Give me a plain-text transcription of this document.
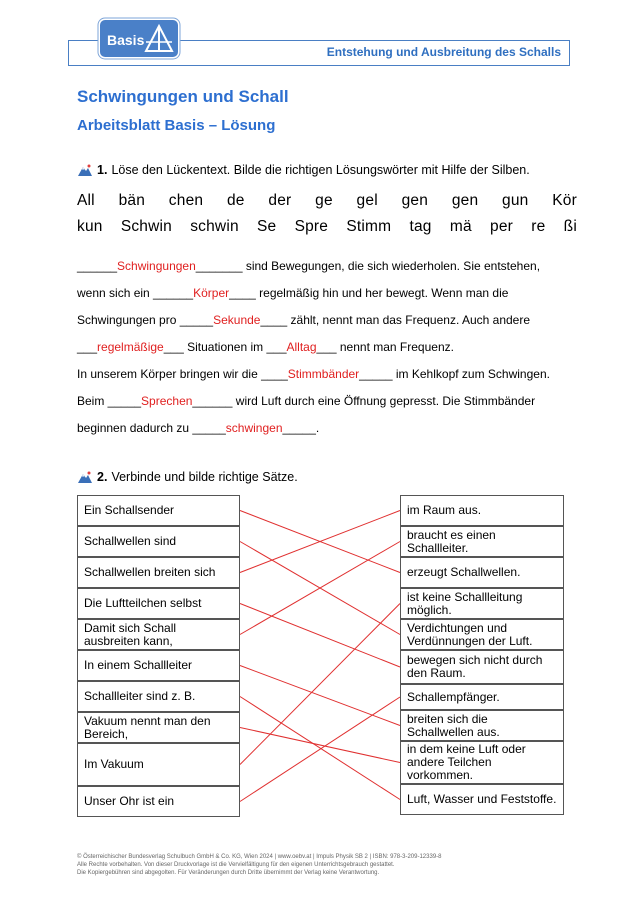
Entstehung und Ausbreitung des Schalls
Basis
Schwingungen und Schall
Arbeitsblatt Basis – Lösung
1. Löse den Lückentext. Bilde die richtigen Lösungswörter mit Hilfe der Silben.
All bän chen de der ge gel gen gen gun Kör
kun Schwin schwin Se Spre Stimm tag mä per re ßi
______Schwingungen_______ sind Bewegungen, die sich wiederholen. Sie entstehen,
wenn sich ein ______Körper____ regelmäßig hin und her bewegt. Wenn man die
Schwingungen pro _____Sekunde____ zählt, nennt man das Frequenz. Auch andere
___regelmäßige___ Situationen im ___Alltag___ nennt man Frequenz.
In unserem Körper bringen wir die ____Stimmbänder_____ im Kehlkopf zum Schwingen.
Beim _____Sprechen______ wird Luft durch eine Öffnung gepresst. Die Stimmbänder
beginnen dadurch zu _____schwingen_____.
2. Verbinde und bilde richtige Sätze.
Ein Schallsender
Schallwellen sind
Schallwellen breiten sich
Die Luftteilchen selbst
Damit sich Schall ausbreiten kann,
In einem Schallleiter
Schallleiter sind z. B.
Vakuum nennt man den Bereich,
Im Vakuum
Unser Ohr ist ein
im Raum aus.
braucht es einen Schallleiter.
erzeugt Schallwellen.
ist keine Schallleitung möglich.
Verdichtungen und Verdünnungen der Luft.
bewegen sich nicht durch den Raum.
Schallempfänger.
breiten sich die Schallwellen aus.
in dem keine Luft oder andere Teilchen vorkommen.
Luft, Wasser und Feststoffe.
© Österreichischer Bundesverlag Schulbuch GmbH & Co. KG, Wien 2024 | www.oebv.at | Impuls Physik SB 2 | ISBN: 978-3-209-12339-8
Alle Rechte vorbehalten. Von dieser Druckvorlage ist die Vervielfältigung für den eigenen Unterrichtsgebrauch gestattet.
Die Kopiergebühren sind abgegolten. Für Veränderungen durch Dritte übernimmt der Verlag keine Verantwortung.
